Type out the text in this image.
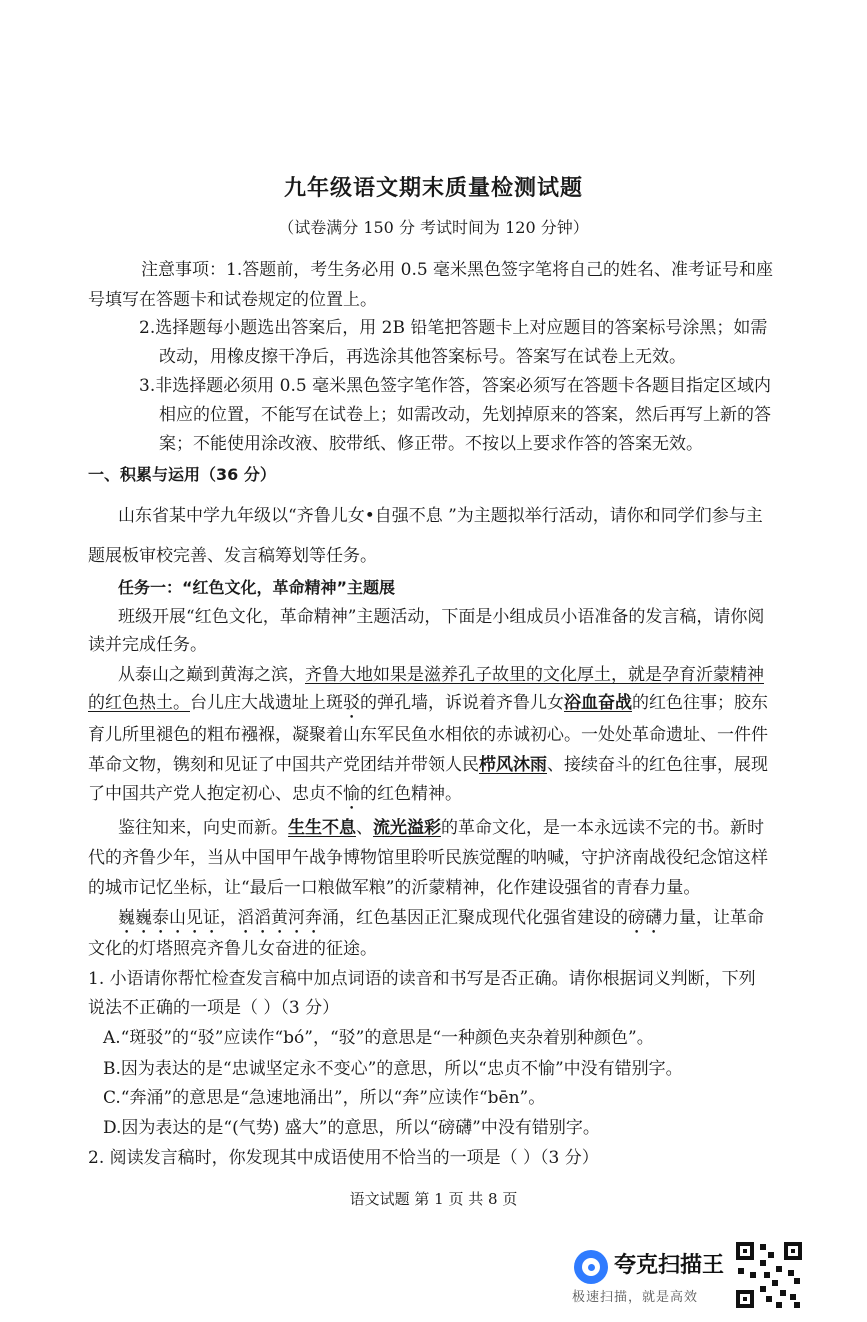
九年级语文期末质量检测试题
（试卷满分 150 分 考试时间为 120 分钟）
注意事项：1.答题前，考生务必用 0.5 毫米黑色签字笔将自己的姓名、准考证号和座
号填写在答题卡和试卷规定的位置上。
2.选择题每小题选出答案后，用 2B 铅笔把答题卡上对应题目的答案标号涂黑；如需
改动，用橡皮擦干净后，再选涂其他答案标号。答案写在试卷上无效。
3.非选择题必须用 0.5 毫米黑色签字笔作答，答案必须写在答题卡各题目指定区域内
相应的位置，不能写在试卷上；如需改动，先划掉原来的答案，然后再写上新的答
案；不能使用涂改液、胶带纸、修正带。不按以上要求作答的答案无效。
一、积累与运用（36 分）
山东省某中学九年级以“齐鲁儿女•自强不息 ”为主题拟举行活动，请你和同学们参与主
题展板审校完善、发言稿筹划等任务。
任务一：“红色文化，革命精神”主题展
班级开展“红色文化，革命精神”主题活动，下面是小组成员小语准备的发言稿，请你阅
读并完成任务。
从泰山之巅到黄海之滨，齐鲁大地如果是滋养孔子故里的文化厚土，就是孕育沂蒙精神
的红色热土。台儿庄大战遗址上斑驳的弹孔墙，诉说着齐鲁儿女浴血奋战的红色往事；胶东
育儿所里褪色的粗布襁褓，凝聚着山东军民鱼水相依的赤诚初心。一处处革命遗址、一件件
革命文物，镌刻和见证了中国共产党团结并带领人民栉风沐雨、接续奋斗的红色往事，展现
了中国共产党人抱定初心、忠贞不愉的红色精神。
鉴往知来，向史而新。生生不息、流光溢彩的革命文化，是一本永远读不完的书。新时
代的齐鲁少年，当从中国甲午战争博物馆里聆听民族觉醒的呐喊，守护济南战役纪念馆这样
的城市记忆坐标，让“最后一口粮做军粮”的沂蒙精神，化作建设强省的青春力量。
巍巍泰山见证，滔滔黄河奔涌，红色基因正汇聚成现代化强省建设的磅礴力量，让革命
文化的灯塔照亮齐鲁儿女奋进的征途。
1. 小语请你帮忙检查发言稿中加点词语的读音和书写是否正确。请你根据词义判断，下列
说法不正确的一项是（ ）（3 分）
A.“斑驳”的“驳”应读作“bó”，“驳”的意思是“一种颜色夹杂着别种颜色”。
B.因为表达的是“忠诚坚定永不变心”的意思，所以“忠贞不愉”中没有错别字。
C.“奔涌”的意思是“急速地涌出”，所以“奔”应读作“bēn”。
D.因为表达的是“(气势) 盛大”的意思，所以“磅礴”中没有错别字。
2. 阅读发言稿时，你发现其中成语使用不恰当的一项是（ ）（3 分）
语文试题 第 1 页 共 8 页
夸克扫描王
极速扫描，就是高效
